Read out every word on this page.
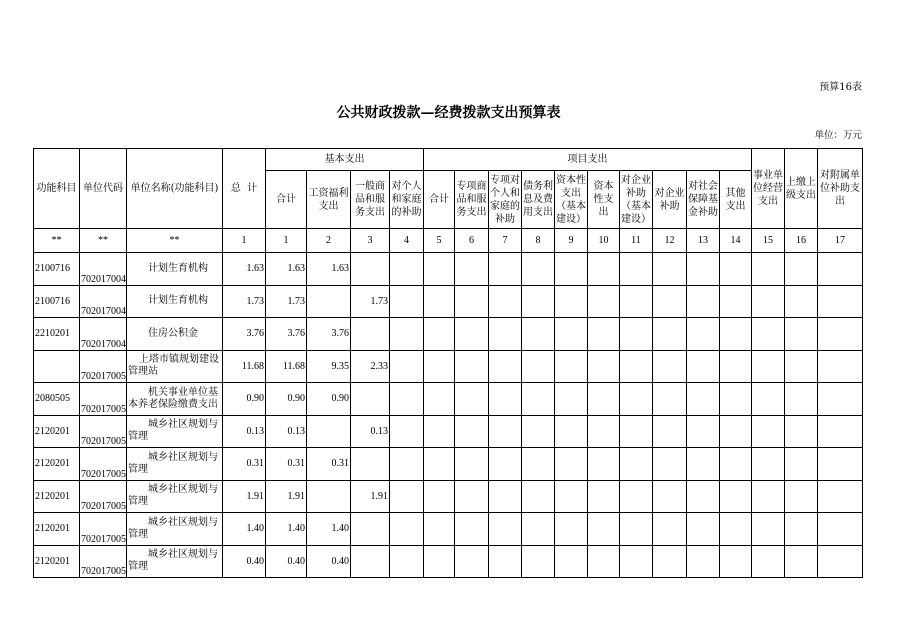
预算16表
公共财政拨款—经费拨款支出预算表
单位：万元
功能科目	单位代码	单位名称(功能科目)	总  计	基本支出				项目支出										事业单位经营支出	上缴上级支出	对附属单位补助支出
				合计	工资福利支出	一般商品和服务支出	对个人和家庭的补助	合计	专项商品和服务支出	专项对个人和家庭的补助	债务利息及费用支出	资本性支出（基本建设）	资本性支出	对企业补助（基本建设）	对企业补助	对社会保障基金补助	其他支出			
**	**	**	1	1	2	3	4	5	6	7	8	9	10	11	12	13	14	15	16	17
2100716	702017004	计划生育机构	1.63	1.63	1.63															
2100716	702017004	计划生育机构	1.73	1.73		1.73														
2210201	702017004	住房公积金	3.76	3.76	3.76															
	702017005	上塔市镇规划建设管理站	11.68	11.68	9.35	2.33														
2080505	702017005	机关事业单位基本养老保险缴费支出	0.90	0.90	0.90															
2120201	702017005	城乡社区规划与管理	0.13	0.13		0.13														
2120201	702017005	城乡社区规划与管理	0.31	0.31	0.31															
2120201	702017005	城乡社区规划与管理	1.91	1.91		1.91														
2120201	702017005	城乡社区规划与管理	1.40	1.40	1.40															
2120201	702017005	城乡社区规划与管理	0.40	0.40	0.40															
